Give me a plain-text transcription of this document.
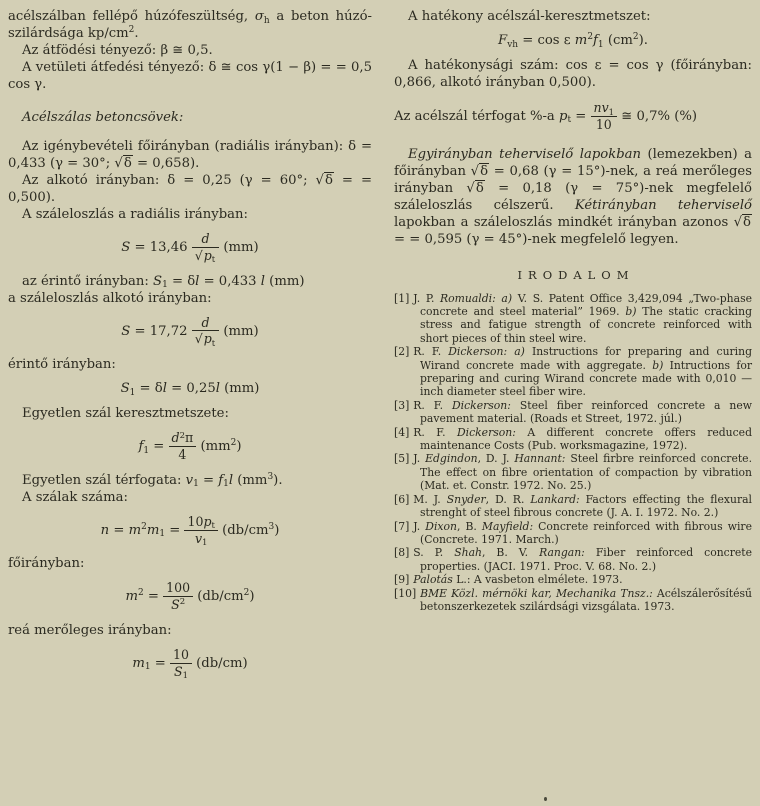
acélszálban fellépő húzófeszültség, $\sigma_h$ a beton húzó-szilárdsága $kp/cm^2$.

Az átfödési tényező: β ≅ 0,5.

A vetületi átfedési tényező: δ ≅ cos γ(1 − β) = = 0,5 cos γ.

Acélszálas betoncsövek:

Az igénybevételi főirányban (radiális irányban): δ = 0,433 (γ = 30°; √δ = 0,658).

Az alkotó irányban: δ = 0,25 (γ = 60°; √δ = = 0,500).

A száleloszlás a radiális irányban:

$S = 13,46 \frac{d}{√p_t} (mm)$

az érintő irányban: $S_1 = \delta l = 0,433$ l (mm)

a száleloszlás alkotó irányban:

$S = 17,72 \frac{d}{√p_t} (mm)$

érintő irányban:

$S_1 = \delta l = 0,25l$ (mm)

Egyetlen szál keresztmetszete:

$f_1 = \frac{d^2\pi}{4} (mm^2)$

Egyetlen szál térfogata: $v_1 = f_1l$ $(mm^3)$.

A szálak száma:

$n = m^2m_1 = \frac{10p_t}{v_1} (db/cm^3)$

főirányban:

$m^2 = \frac{100}{S^2} (db/cm^2)$

reá merőleges irányban:

$m_1 = \frac{10}{S_1} (db/cm)$

A hatékony acélszál-keresztmetszet:

$F_{vh} = \cos \varepsilon$ $m^2f_1$ $(cm^2)$.

A hatékonysági szám: cos ε = cos γ (főirányban: 0,866, alkotó irányban 0,500).

Az acélszál térfogat %-a $p_t = \frac{nv_1}{10}$ ≅ 0,7% (%)

Egyirányban teherviselő lapokban (lemezekben) a főirányban √δ = 0,68 (γ = 15°)-nek, a reá merőleges irányban √δ = 0,18 (γ = 75°)-nek megfelelő száleloszlás célszerű. Kétirányban teherviselő lapokban a száleloszlás mindkét irányban azonos √δ = = 0,595 (γ = 45°)-nek megfelelő legyen.

IRODALOM

[1] J. P. Romualdi: a) V. S. Patent Office 3,429,094 „Two-phase concrete and steel material” 1969. b) The static cracking stress and fatigue strength of concrete reinforced with short pieces of thin steel wire.

[2] R. F. Dickerson: a) Instructions for preparing and curing Wirand concrete made with aggregate. b) Intructions for preparing and curing Wirand concrete made with 0,010 — inch diameter steel fiber wire.

[3] R. F. Dickerson: Steel fiber reinforced concrete a new pavement material. (Roads et Street, 1972. júl.)

[4] R. F. Dickerson: A different concrete offers reduced maintenance Costs (Pub. worksmagazine, 1972).

[5] J. Edgindon, D. J. Hannant: Steel firbre reinforced concrete. The effect on fibre orientation of compaction by vibration (Mat. et. Constr. 1972. No. 25.)

[6] M. J. Snyder, D. R. Lankard: Factors effecting the flexural strenght of steel fibrous concrete (J. A. I. 1972. No. 2.)

[7] J. Dixon, B. Mayfield: Concrete reinforced with fibrous wire (Concrete. 1971. March.)

[8] S. P. Shah, B. V. Rangan: Fiber reinforced concrete properties. (JACI. 1971. Proc. V. 68. No. 2.)

[9] Palotás L.: A vasbeton elmélete. 1973.

[10] BME Közl. mérnöki kar, Mechanika Tnsz.: Acélszálerősítésű betonszerkezetek szilárdsági vizsgálata. 1973.
